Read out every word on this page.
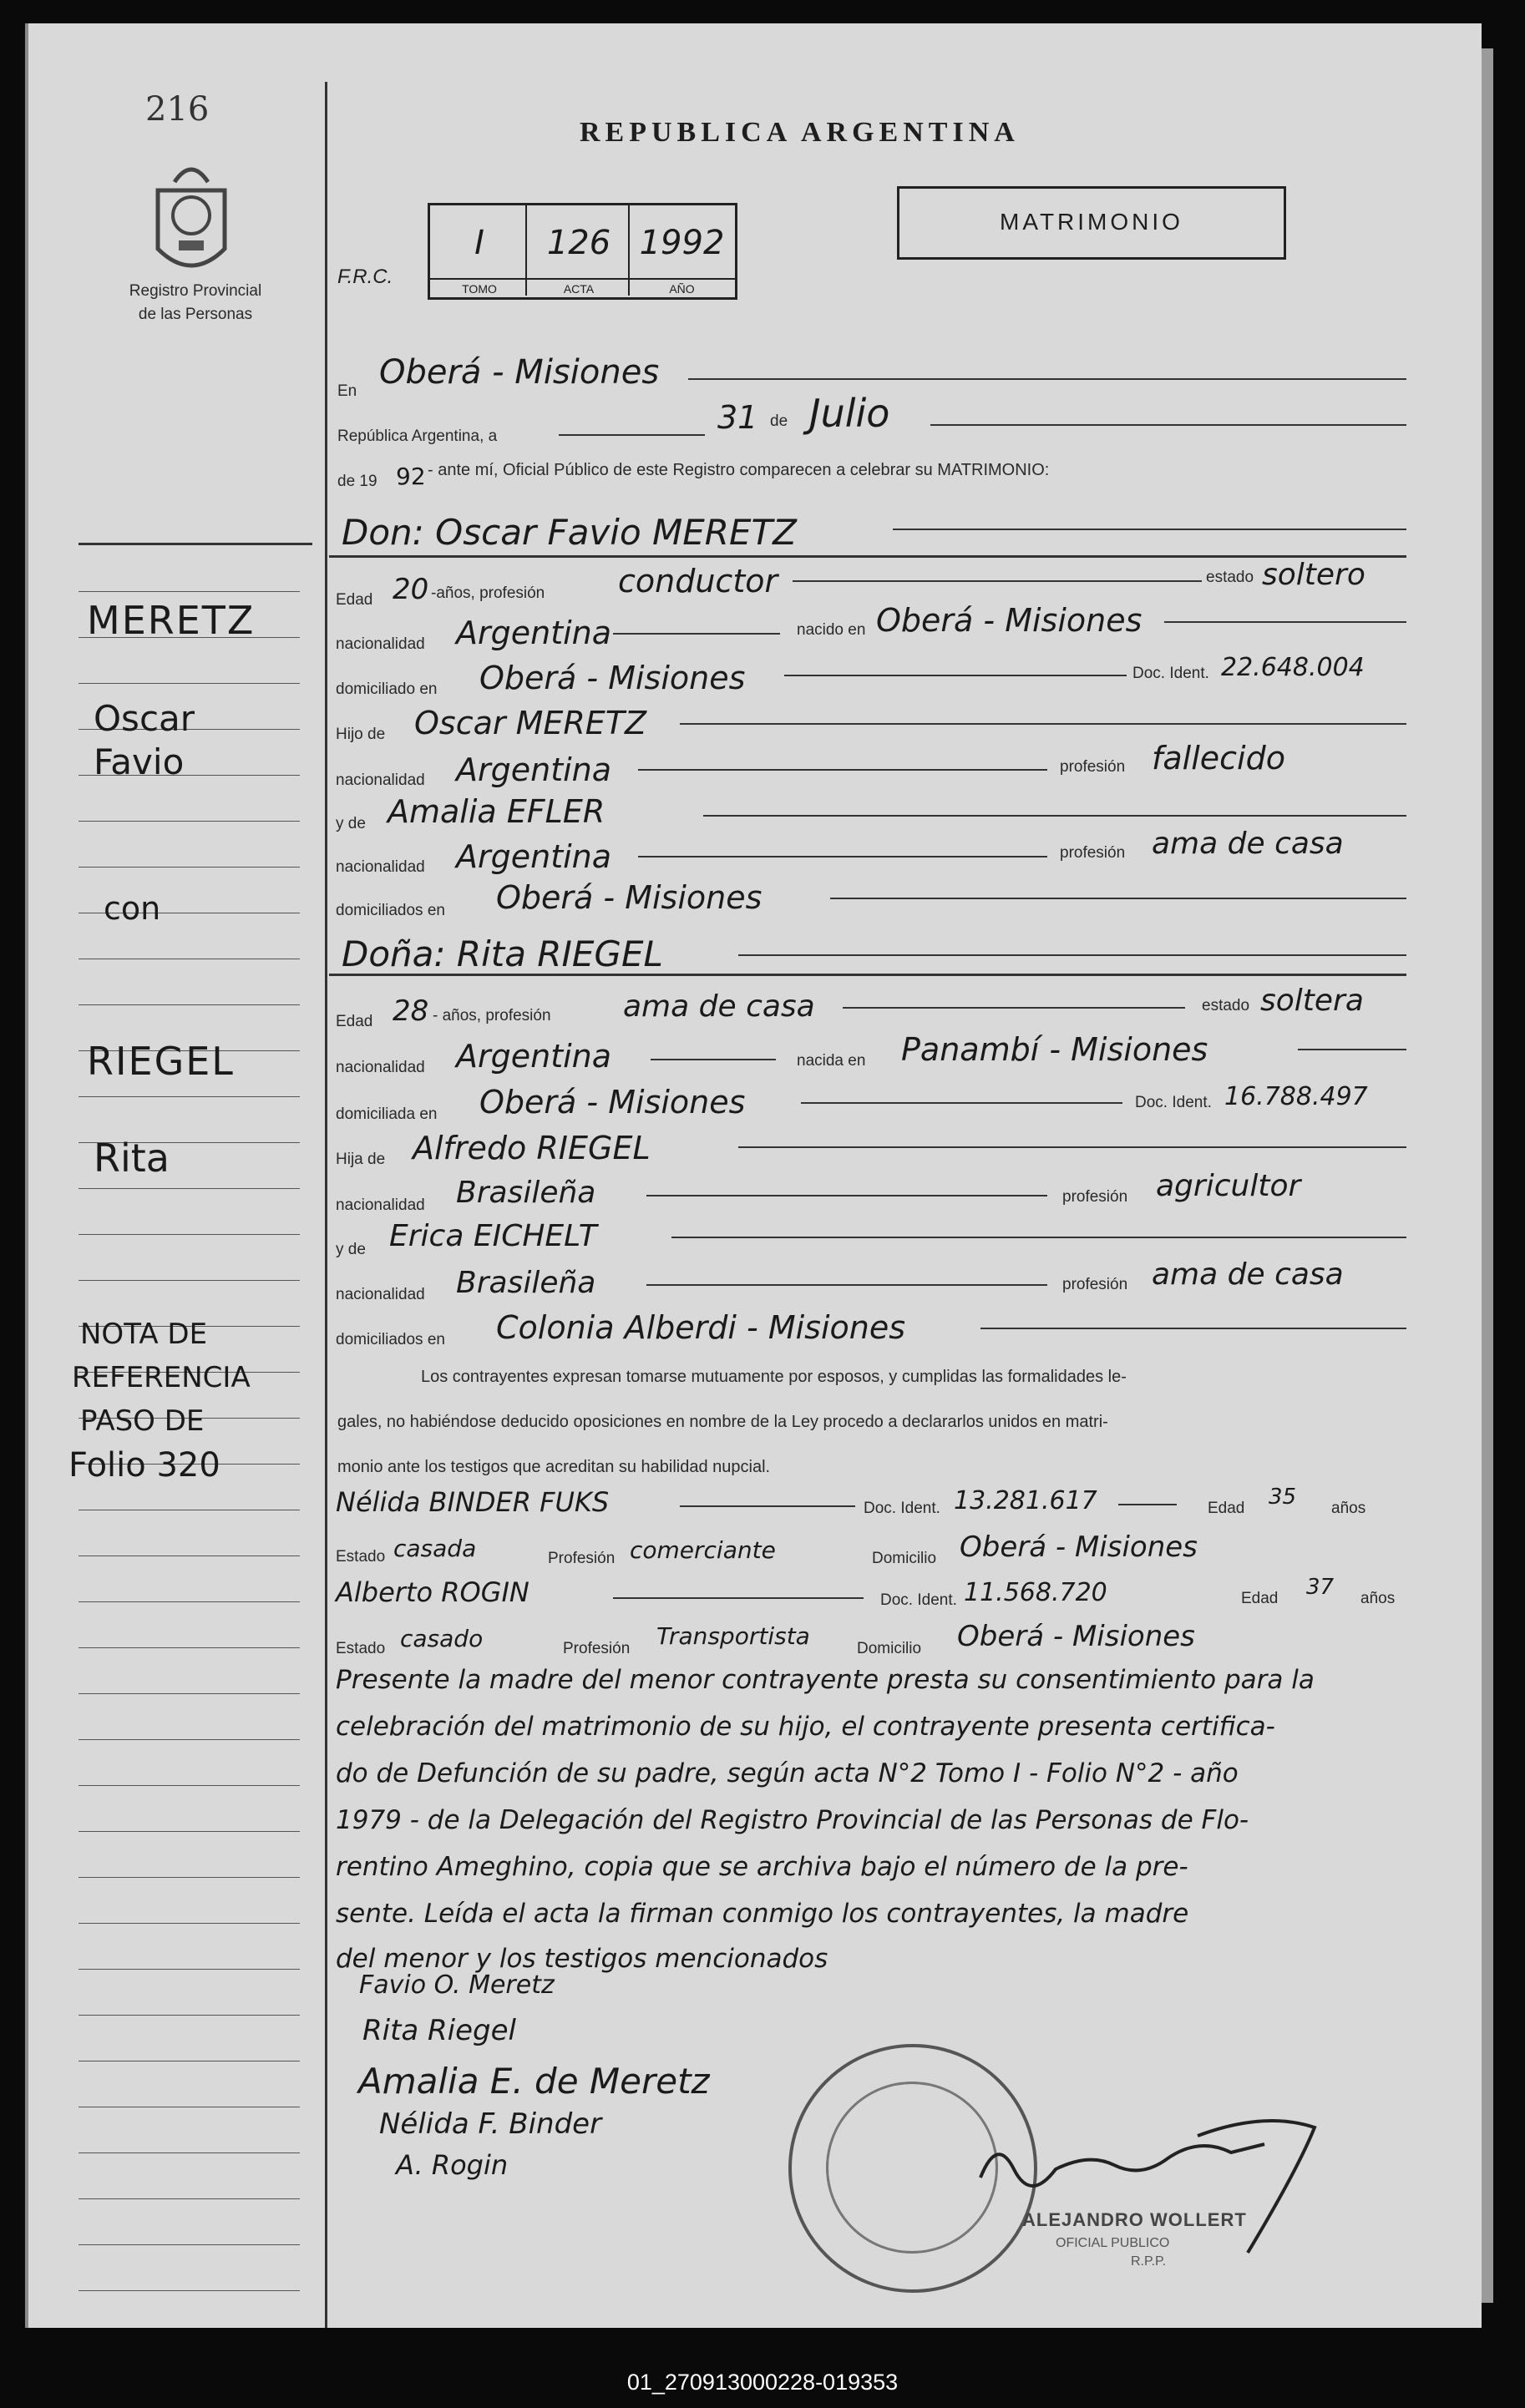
216
Registro Provincial
de las Personas
MERETZ
Oscar
Favio
con
RIEGEL
Rita
NOTA DE
REFERENCIA
PASO DE
Folio 320
REPUBLICA ARGENTINA
MATRIMONIO
F.R.C.
I	126 1992
TOMO	ACTA	AÑO
En Oberá - Misiones
República Argentina, a
31 de Julio
de 19 92 - ante mí, Oficial Público de este Registro comparecen a celebrar su MATRIMONIO:
Don: Oscar Favio MERETZ
Edad 20 -años, profesión conductor	estado soltero
nacionalidad Argentina	nacido en Oberá - Misiones
domiciliado en Oberá - Misiones	Doc. Ident. 22.648.004
Hijo de Oscar MERETZ
nacionalidad Argentina	profesión fallecido
y de Amalia EFLER
nacionalidad Argentina	profesión ama de casa
domiciliados en Oberá - Misiones
Doña: Rita RIEGEL
Edad 28 - años, profesión ama de casa	estado soltera
nacionalidad Argentina	nacida en Panambí - Misiones
domiciliada en Oberá - Misiones	Doc. Ident. 16.788.497
Hija de Alfredo RIEGEL
nacionalidad Brasileña	profesión agricultor
y de Erica EICHELT
nacionalidad Brasileña	profesión ama de casa
domiciliados en Colonia Alberdi - Misiones
Los contrayentes expresan tomarse mutuamente por esposos, y cumplidas las formalidades le-
gales, no habiéndose deducido oposiciones en nombre de la Ley procedo a declararlos unidos en matri-
monio ante los testigos que acreditan su habilidad nupcial.
Nélida BINDER FUKS	Doc. Ident. 13.281.617	Edad 35 años
Estado casada	Profesión comerciante	Domicilio Oberá - Misiones
Alberto ROGIN	Doc. Ident. 11.568.720	Edad 37 años
Estado casado	Profesión Transportista	Domicilio Oberá - Misiones
Presente la madre del menor contrayente presta su consentimiento para la
celebración del matrimonio de su hijo, el contrayente presenta certifica-
do de Defunción de su padre, según acta N°2 Tomo I - Folio N°2 - año
1979 - de la Delegación del Registro Provincial de las Personas de Flo-
rentino Ameghino, copia que se archiva bajo el número de la pre-
sente. Leída el acta la firman conmigo los contrayentes, la madre
del menor y los testigos mencionados
Favio O. Meretz
Rita Riegel
Amalia E. de Meretz
Nélida F. Binder
A. Rogin
ALEJANDRO WOLLERT
OFICIAL PUBLICO
R.P.P.
01_270913000228-019353
